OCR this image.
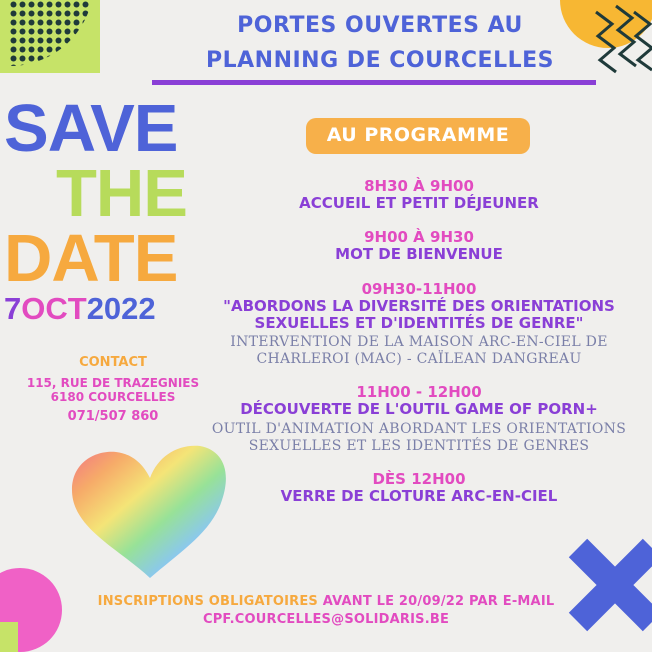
PORTES OUVERTES AU
PLANNING DE COURCELLES
SAVE
THE
DATE
7OCT2022
CONTACT
115, RUE DE TRAZEGNIES
6180 COURCELLES
071/507 860
AU PROGRAMME
8H30 À 9H00
ACCUEIL ET PETIT DÉJEUNER
9H00 À 9H30
MOT DE BIENVENUE
09H30-11H00
"ABORDONS LA DIVERSITÉ DES ORIENTATIONS
SEXUELLES ET D'IDENTITÉS DE GENRE"
INTERVENTION DE LA MAISON ARC-EN-CIEL DE
CHARLEROI (MAC) - CAÏLEAN DANGREAU
11H00 - 12H00
DÉCOUVERTE DE L'OUTIL GAME OF PORN+
OUTIL D'ANIMATION ABORDANT LES ORIENTATIONS
SEXUELLES ET LES IDENTITÉS DE GENRES
DÈS 12H00
VERRE DE CLOTURE ARC-EN-CIEL
INSCRIPTIONS OBLIGATOIRES AVANT LE 20/09/22 PAR E-MAIL
CPF.COURCELLES@SOLIDARIS.BE
